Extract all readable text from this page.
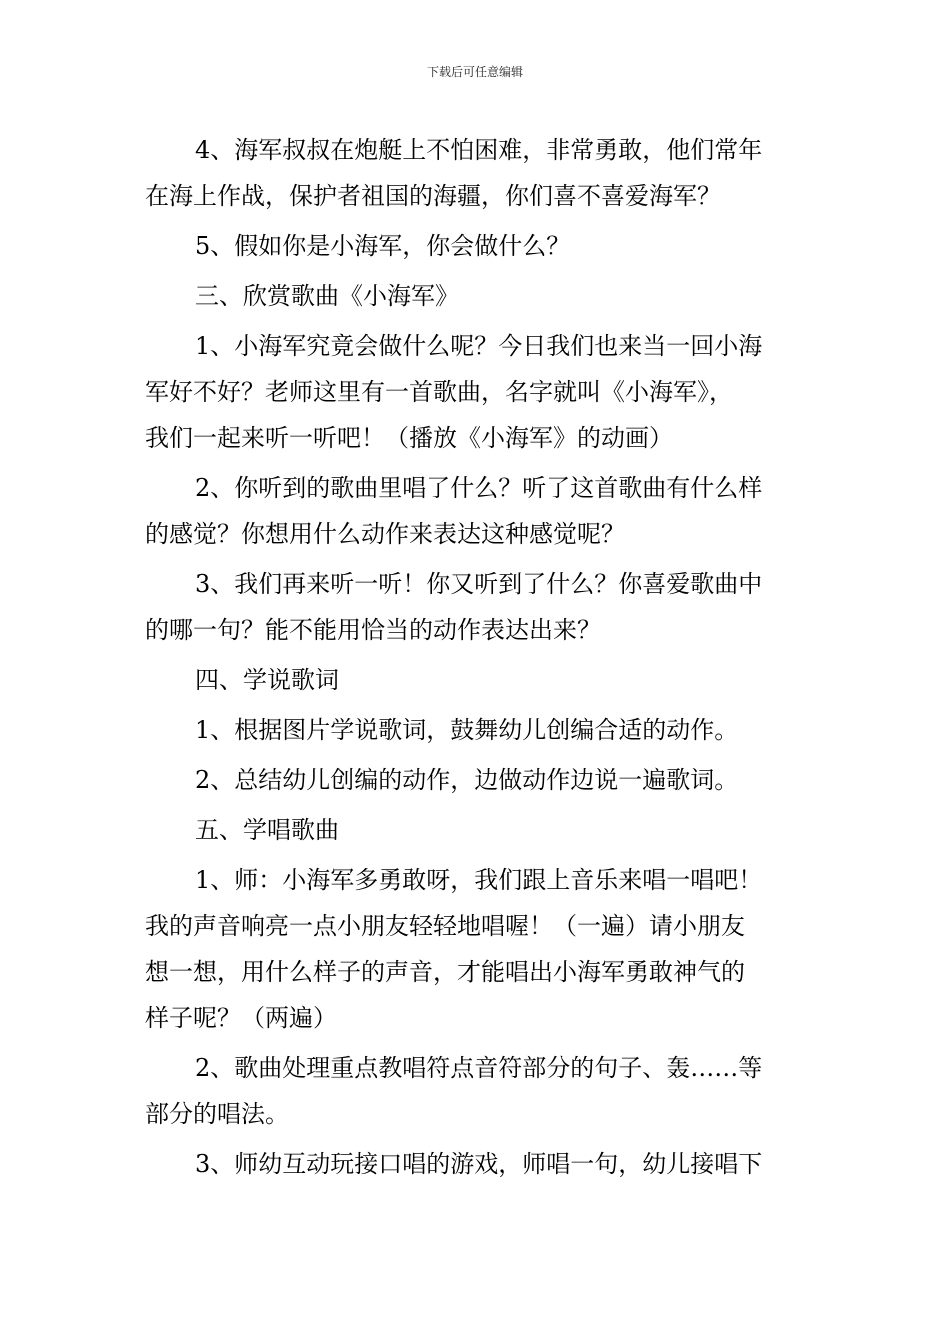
下载后可任意编辑
4、海军叔叔在炮艇上不怕困难，非常勇敢，他们常年
在海上作战，保护者祖国的海疆，你们喜不喜爱海军？
5、假如你是小海军，你会做什么？
三、欣赏歌曲《小海军》
1、小海军究竟会做什么呢？今日我们也来当一回小海
军好不好？老师这里有一首歌曲，名字就叫《小海军》，
我们一起来听一听吧！（播放《小海军》的动画）
2、你听到的歌曲里唱了什么？听了这首歌曲有什么样
的感觉？你想用什么动作来表达这种感觉呢？
3、我们再来听一听！你又听到了什么？你喜爱歌曲中
的哪一句？能不能用恰当的动作表达出来？
四、学说歌词
1、根据图片学说歌词，鼓舞幼儿创编合适的动作。
2、总结幼儿创编的动作，边做动作边说一遍歌词。
五、学唱歌曲
1、师：小海军多勇敢呀，我们跟上音乐来唱一唱吧！
我的声音响亮一点小朋友轻轻地唱喔！（一遍）请小朋友
想一想，用什么样子的声音，才能唱出小海军勇敢神气的
样子呢？（两遍）
2、歌曲处理重点教唱符点音符部分的句子、轰……等
部分的唱法。
3、师幼互动玩接口唱的游戏，师唱一句，幼儿接唱下
